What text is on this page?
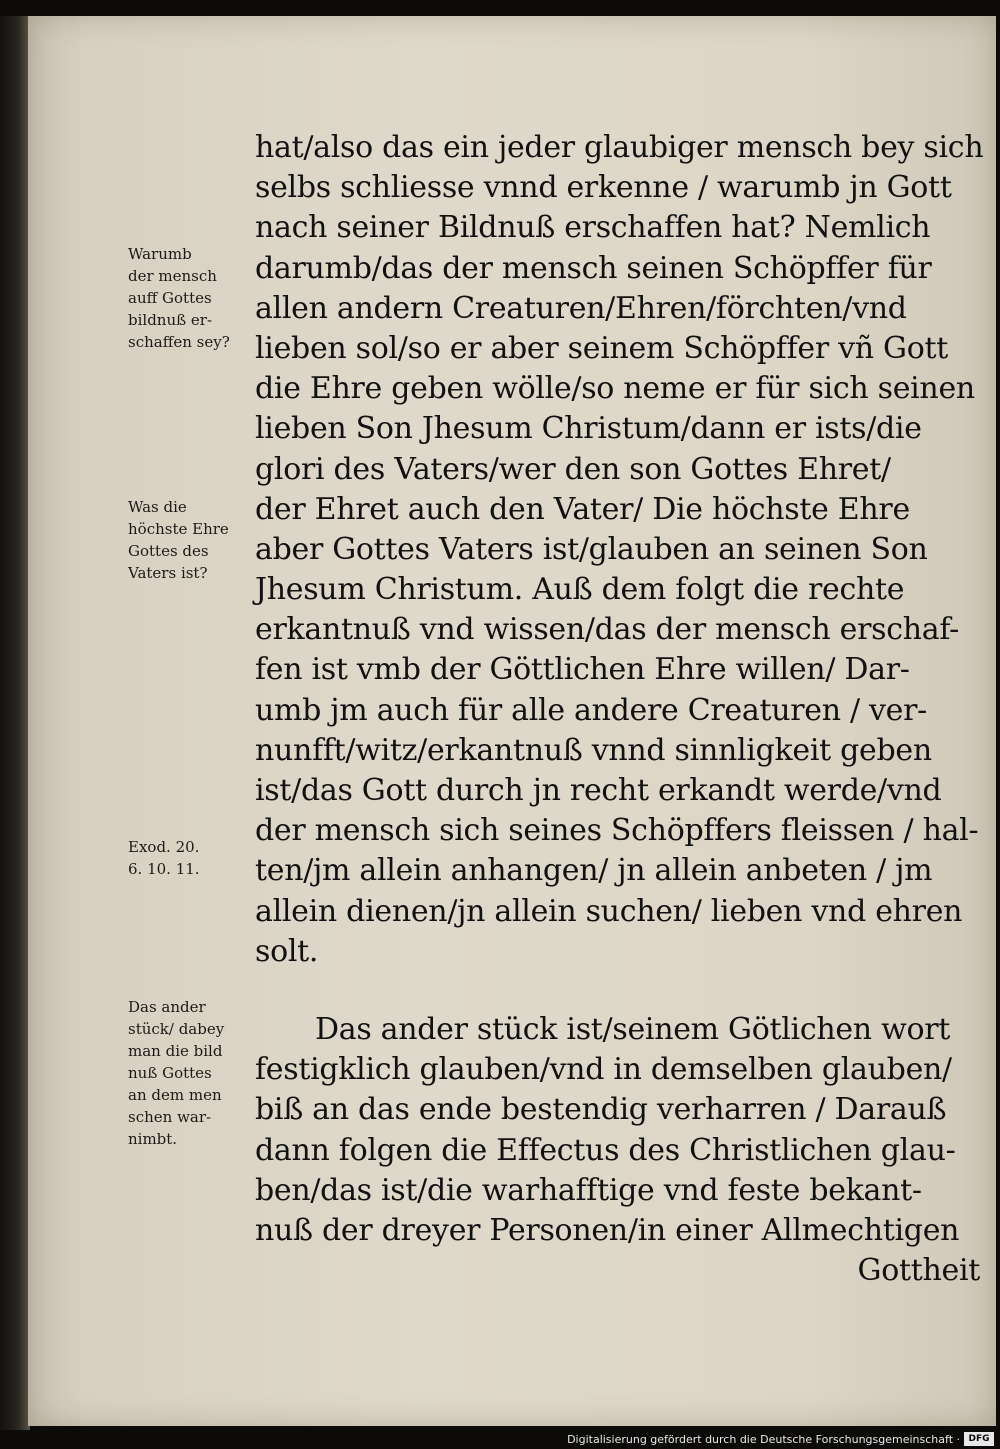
hat/also das ein jeder glaubiger mensch bey sich
selbs schliesse vnnd erkenne / warumb jn Gott
nach seiner Bildnuß erschaffen hat? Nemlich
darumb/das der mensch seinen Schöpffer für
allen andern Creaturen/Ehren/förchten/vnd
lieben sol/so er aber seinem Schöpffer vñ Gott
die Ehre geben wölle/so neme er für sich seinen
lieben Son Jhesum Christum/dann er ists/die
glori des Vaters/wer den son Gottes Ehret/
der Ehret auch den Vater/ Die höchste Ehre
aber Gottes Vaters ist/glauben an seinen Son
Jhesum Christum. Auß dem folgt die rechte
erkantnuß vnd wissen/das der mensch erschaf-
fen ist vmb der Göttlichen Ehre willen/ Dar-
umb jm auch für alle andere Creaturen / ver-
nunfft/witz/erkantnuß vnnd sinnligkeit geben
ist/das Gott durch jn recht erkandt werde/vnd
der mensch sich seines Schöpffers fleissen / hal-
ten/jm allein anhangen/ jn allein anbeten / jm
allein dienen/jn allein suchen/ lieben vnd ehren
solt.
Das ander stück ist/seinem Götlichen wort
festigklich glauben/vnd in demselben glauben/
biß an das ende bestendig verharren / Darauß
dann folgen die Effectus des Christlichen glau-
ben/das ist/die warhafftige vnd feste bekant-
nuß der dreyer Personen/in einer Allmechtigen
Gottheit
Warumb
der mensch
auff Gottes
bildnuß er-
schaffen sey?
Was die
höchste Ehre
Gottes des
Vaters ist?
Exod. 20.
6. 10. 11.
Das ander
stück/ dabey
man die bild
nuß Gottes
an dem men
schen war-
nimbt.
Digitalisierung gefördert durch die Deutsche Forschungsgemeinschaft · DFG
